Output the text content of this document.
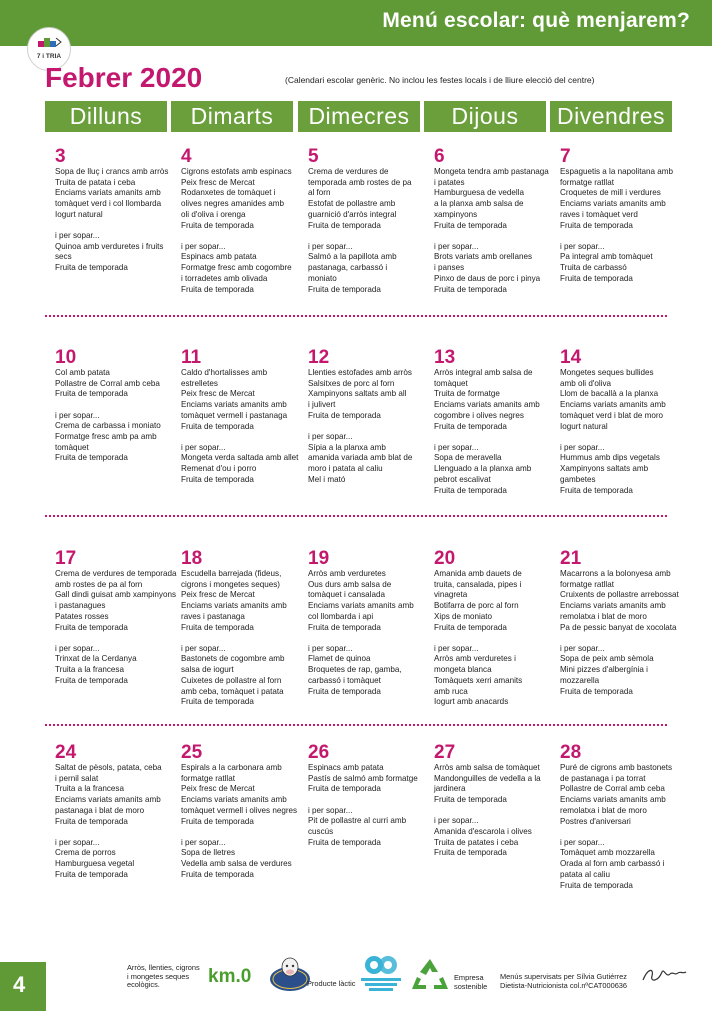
Menú escolar: què menjarem?
7 i TRIA
Febrer 2020	(Calendari escolar genèric. No inclou les festes locals i de lliure elecció del centre)
Dilluns	Dimarts	Dimecres	Dijous	Divendres
3
Sopa de lluç i crancs amb arròs
Truita de patata i ceba
Enciams variats amanits amb
tomàquet verd i col llombarda
Iogurt natural
i per sopar...
Quinoa amb verduretes i fruits
secs
Fruita de temporada
4
Cigrons estofats amb espinacs
Peix fresc de Mercat
Rodanxetes de tomàquet i
olives negres amanides amb
oli d'oliva i orenga
Fruita de temporada
i per sopar...
Espinacs amb patata
Formatge fresc amb cogombre
i torradetes amb olivada
Fruita de temporada
5
Crema de verdures de
temporada amb rostes de pa
al forn
Estofat de pollastre amb
guarnició d'arròs integral
Fruita de temporada
i per sopar...
Salmó a la papillota amb
pastanaga, carbassó i
moniato
Fruita de temporada
6
Mongeta tendra amb pastanaga
i patates
Hamburguesa de vedella
a la planxa amb salsa de
xampinyons
Fruita de temporada
i per sopar...
Brots variats amb orellanes
i panses
Pinxo de daus de porc i pinya
Fruita de temporada
7
Espaguetis a la napolitana amb
formatge ratllat
Croquetes de mill i verdures
Enciams variats amanits amb
raves i tomàquet verd
Fruita de temporada
i per sopar...
Pa integral amb tomàquet
Truita de carbassó
Fruita de temporada
10
Col amb patata
Pollastre de Corral amb ceba
Fruita de temporada
i per sopar...
Crema de carbassa i moniato
Formatge fresc amb pa amb
tomàquet
Fruita de temporada
11
Caldo d'hortalisses amb
estrelletes
Peix fresc de Mercat
Enciams variats amanits amb
tomàquet vermell i pastanaga
Fruita de temporada
i per sopar...
Mongeta verda saltada amb allet
Remenat d'ou i porro
Fruita de temporada
12
Llenties estofades amb arròs
Salsitxes de porc al forn
Xampinyons saltats amb all
i julivert
Fruita de temporada
i per sopar...
Sípia a la planxa amb
amanida variada amb blat de
moro i patata al caliu
Mel i mató
13
Arròs integral amb salsa de
tomàquet
Truita de formatge
Enciams variats amanits amb
cogombre i olives negres
Fruita de temporada
i per sopar...
Sopa de meravella
Llenguado a la planxa amb
pebrot escalivat
Fruita de temporada
14
Mongetes seques bullides
amb oli d'oliva
Llom de bacallà a la planxa
Enciams variats amanits amb
tomàquet verd i blat de moro
Iogurt natural
i per sopar...
Hummus amb dips vegetals
Xampinyons saltats amb
gambetes
Fruita de temporada
17
Crema de verdures de temporada
amb rostes de pa al forn
Gall dindi guisat amb xampinyons
i pastanagues
Patates rosses
Fruita de temporada
i per sopar...
Trinxat de la Cerdanya
Truita a la francesa
Fruita de temporada
18
Escudella barrejada (fideus,
cigrons i mongetes seques)
Peix fresc de Mercat
Enciams variats amanits amb
raves i pastanaga
Fruita de temporada
i per sopar...
Bastonets de cogombre amb
salsa de iogurt
Cuixetes de pollastre al forn
amb ceba, tomàquet i patata
Fruita de temporada
19
Arròs amb verduretes
Ous durs amb salsa de
tomàquet i cansalada
Enciams variats amanits amb
col llombarda i api
Fruita de temporada
i per sopar...
Flamet de quinoa
Broquetes de rap, gamba,
carbassó i tomàquet
Fruita de temporada
20
Amanida amb dauets de
truita, cansalada, pipes i
vinagreta
Botifarra de porc al forn
Xips de moniato
Fruita de temporada
i per sopar...
Arròs amb verduretes i
mongeta blanca
Tomàquets xerri amanits
amb ruca
Iogurt amb anacards
21
Macarrons a la bolonyesa amb
formatge ratllat
Cruixents de pollastre arrebossat
Enciams variats amanits amb
remolatxa i blat de moro
Pa de pessic banyat de xocolata
i per sopar...
Sopa de peix amb sèmola
Mini pizzes d'albergínia i
mozzarella
Fruita de temporada
24
Saltat de pèsols, patata, ceba
i pernil salat
Truita a la francesa
Enciams variats amanits amb
pastanaga i blat de moro
Fruita de temporada
i per sopar...
Crema de porros
Hamburguesa vegetal
Fruita de temporada
25
Espirals a la carbonara amb
formatge ratllat
Peix fresc de Mercat
Enciams variats amanits amb
tomàquet vermell i olives negres
Fruita de temporada
i per sopar...
Sopa de lletres
Vedella amb salsa de verdures
Fruita de temporada
26
Espinacs amb patata
Pastís de salmó amb formatge
Fruita de temporada
i per sopar...
Pit de pollastre al curri amb
cuscús
Fruita de temporada
27
Arròs amb salsa de tomàquet
Mandonguilles de vedella a la
jardinera
Fruita de temporada
i per sopar...
Amanida d'escarola i olives
Truita de patates i ceba
Fruita de temporada
28
Puré de cigrons amb bastonets
de pastanaga i pa torrat
Pollastre de Corral amb ceba
Enciams variats amanits amb
remolatxa i blat de moro
Postres d'aniversari
i per sopar...
Tomàquet amb mozzarella
Orada al forn amb carbassó i
patata al caliu
Fruita de temporada
4
Arròs, llenties, cigrons
i mongetes seques
ecològics.	km.0	Producte làctic
Empresa
sostenible
Menús supervisats per Sílvia Gutiérrez
Dietista-Nutricionista col.nºCAT000636
